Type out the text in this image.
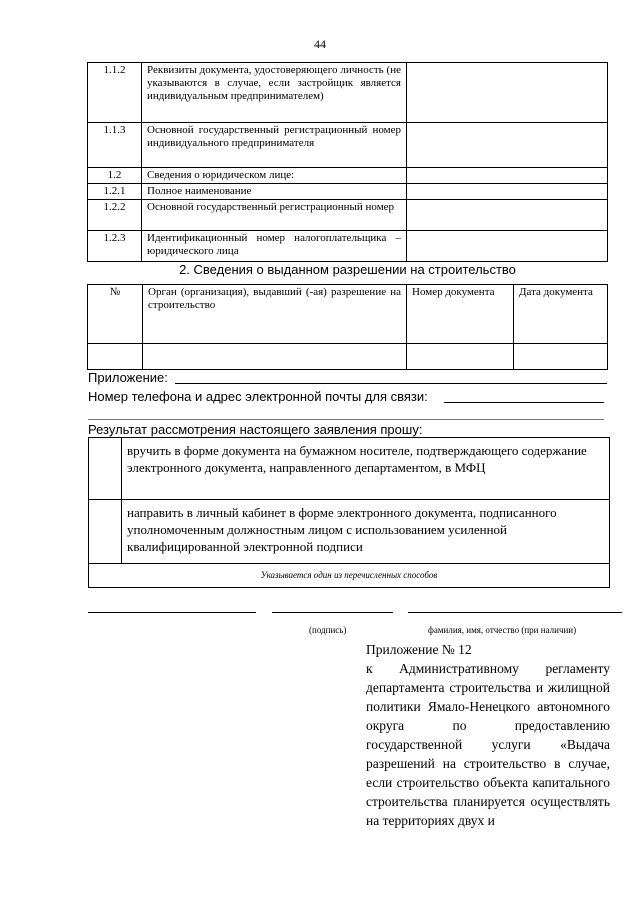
44
1.1.2	Реквизиты документа, удостоверяющего личность (не указываются в случае, если застройщик является индивидуальным предпринимателем)	
1.1.3	Основной государственный регистрационный номер индивидуального предпринимателя	
1.2	Сведения о юридическом лице:	
1.2.1	Полное наименование	
1.2.2	Основной государственный регистрационный номер	
1.2.3	Идентификационный номер налогоплательщика – юридического лица	
2. Сведения о выданном разрешении на строительство
№	Орган (организация), выдавший (-ая) разрешение на строительство	Номер документа	Дата документа

Приложение:
Номер телефона и адрес электронной почты для связи:
Результат рассмотрения настоящего заявления прошу:
	вручить в форме документа на бумажном носителе, подтверждающего содержание электронного документа, направленного департаментом, в МФЦ
	направить в личный кабинет в форме электронного документа, подписанного уполномоченным должностным лицом с использованием усиленной квалифицированной электронной подписи
Указывается один из перечисленных способов	
(подпись)	фамилия, имя, отчество (при наличии)
Приложение № 12
к Административному регламенту департамента строительства и жилищной политики Ямало-Ненецкого автономного округа по предоставлению государственной услуги «Выдача разрешений на строительство в случае, если строительство объекта капитального строительства планируется осуществлять на территориях двух и
